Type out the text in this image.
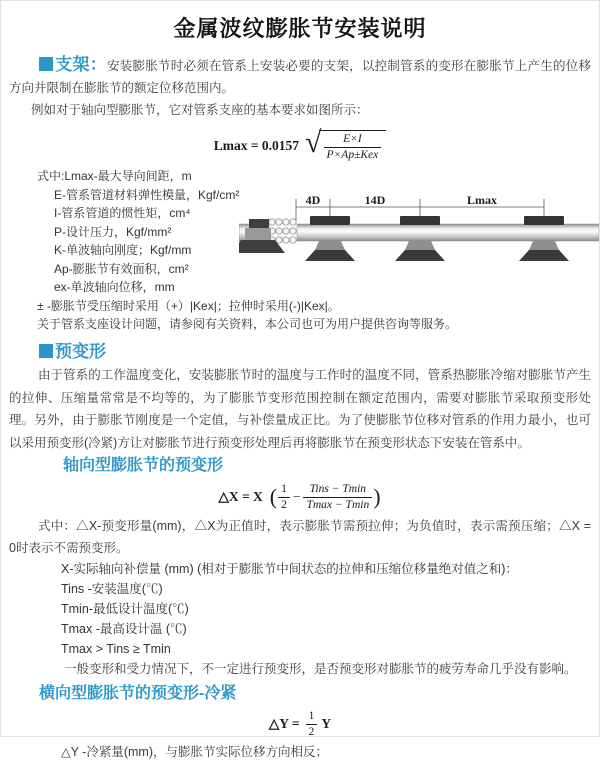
金属波纹膨胀节安装说明

支架：安装膨胀节时必须在管系上安装必要的支架，以控制管系的变形在膨胀节上产生的位移方向并限制在膨胀节的额定位移范围内。

例如对于轴向型膨胀节，它对管系支座的基本要求如图所示：

Lmax = 0.0157 √ $\frac{E\times I}{\text{P×Ap±Kex}}$
式中:Lmax-最大导向间距，m
E-管系管道材料弹性模量，Kgf/cm²
I-管系管道的惯性矩，cm⁴
P-设计压力，Kgf/mm²
K-单波轴向刚度；Kgf/mm
Ap-膨胀节有效面积，cm²
ex-单波轴向位移，mm
± -膨胀节受压缩时采用（+）|Kex|；拉伸时采用(-)|Kex|。
关于管系支座设计问题，请参阅有关资料，本公司也可为用户提供咨询等服务。
4D	14D	Lmax
预变形

由于管系的工作温度变化，安装膨胀节时的温度与工作时的温度不同，管系热膨胀冷缩对膨胀节产生的拉伸、压缩量常常是不均等的，为了膨胀节变形范围控制在额定范围内，需要对膨胀节采取预变形处理。另外，由于膨胀节刚度是一个定值，与补偿量成正比。为了使膨胀节位移对管系的作用力最小，也可以采用预变形(冷紧)方让对膨胀节进行预变形处理后再将膨胀节在预变形状态下安装在管系中。

轴向型膨胀节的预变形
△X = X ( $\frac{1}{2} - \frac{\text{Tins − Tmin}}{Tmax - Tmin}$ )

式中：△X-预变形量(mm)，△X为正值时，表示膨胀节需预拉伸；为负值时，表示需预压缩；△X = 0时表示不需预变形。

X-实际轴向补偿量 (mm) (相对于膨胀节中间状态的拉伸和压缩位移量绝对值之和)：
Tins -安装温度(℃)
Tmin-最低设计温度(℃)
Tmax -最高设计温 (℃)
Tmax > Tins ≥ Tmin
一般变形和受力情况下，不一定进行预变形，是否预变形对膨胀节的疲劳寿命几乎没有影响。
横向型膨胀节的预变形-冷紧
△Y = $\frac{1}{2}$ Y
△Y -冷紧量(mm)，与膨胀节实际位移方向相反；
